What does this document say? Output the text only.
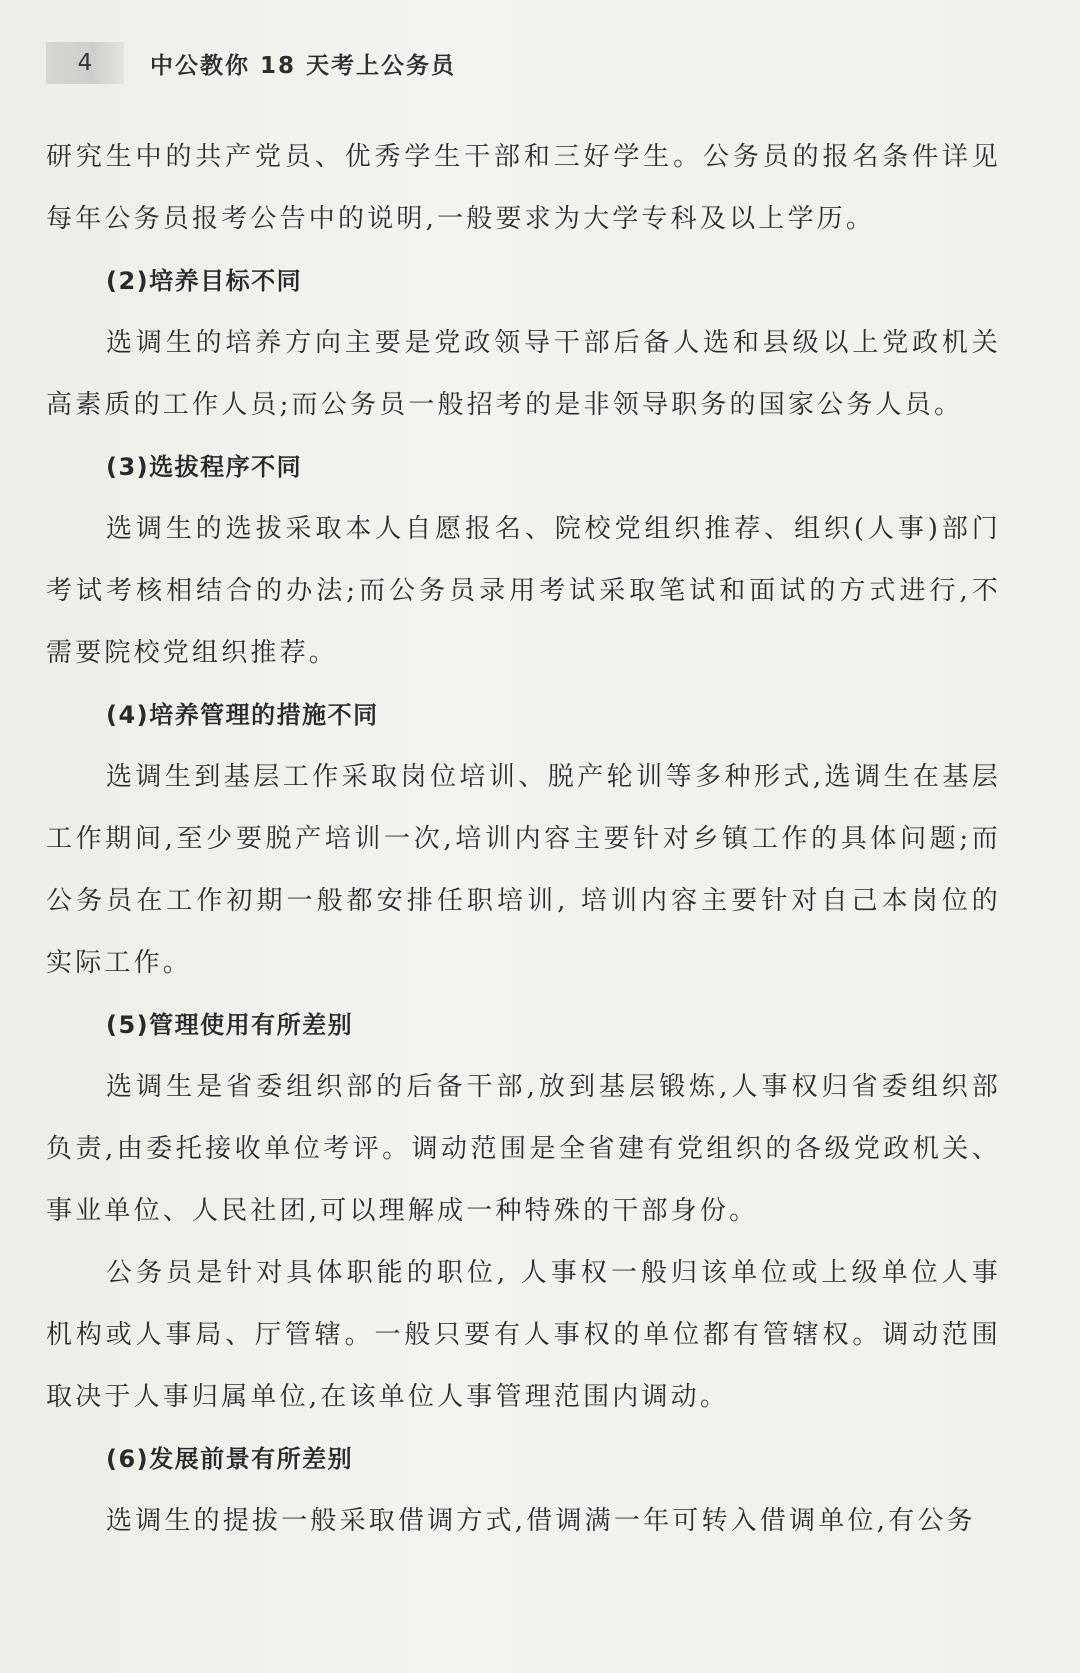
4	中公教你 18 天考上公务员

研究生中的共产党员、优秀学生干部和三好学生。公务员的报名条件详见每年公务员报考公告中的说明,一般要求为大学专科及以上学历。

(2)培养目标不同

选调生的培养方向主要是党政领导干部后备人选和县级以上党政机关高素质的工作人员;而公务员一般招考的是非领导职务的国家公务人员。

(3)选拔程序不同

选调生的选拔采取本人自愿报名、院校党组织推荐、组织(人事)部门考试考核相结合的办法;而公务员录用考试采取笔试和面试的方式进行,不需要院校党组织推荐。

(4)培养管理的措施不同

选调生到基层工作采取岗位培训、脱产轮训等多种形式,选调生在基层工作期间,至少要脱产培训一次,培训内容主要针对乡镇工作的具体问题;而公务员在工作初期一般都安排任职培训, 培训内容主要针对自己本岗位的实际工作。

(5)管理使用有所差别

选调生是省委组织部的后备干部,放到基层锻炼,人事权归省委组织部负责,由委托接收单位考评。调动范围是全省建有党组织的各级党政机关、事业单位、人民社团,可以理解成一种特殊的干部身份。

公务员是针对具体职能的职位, 人事权一般归该单位或上级单位人事机构或人事局、厅管辖。一般只要有人事权的单位都有管辖权。调动范围取决于人事归属单位,在该单位人事管理范围内调动。

(6)发展前景有所差别

选调生的提拔一般采取借调方式,借调满一年可转入借调单位,有公务
